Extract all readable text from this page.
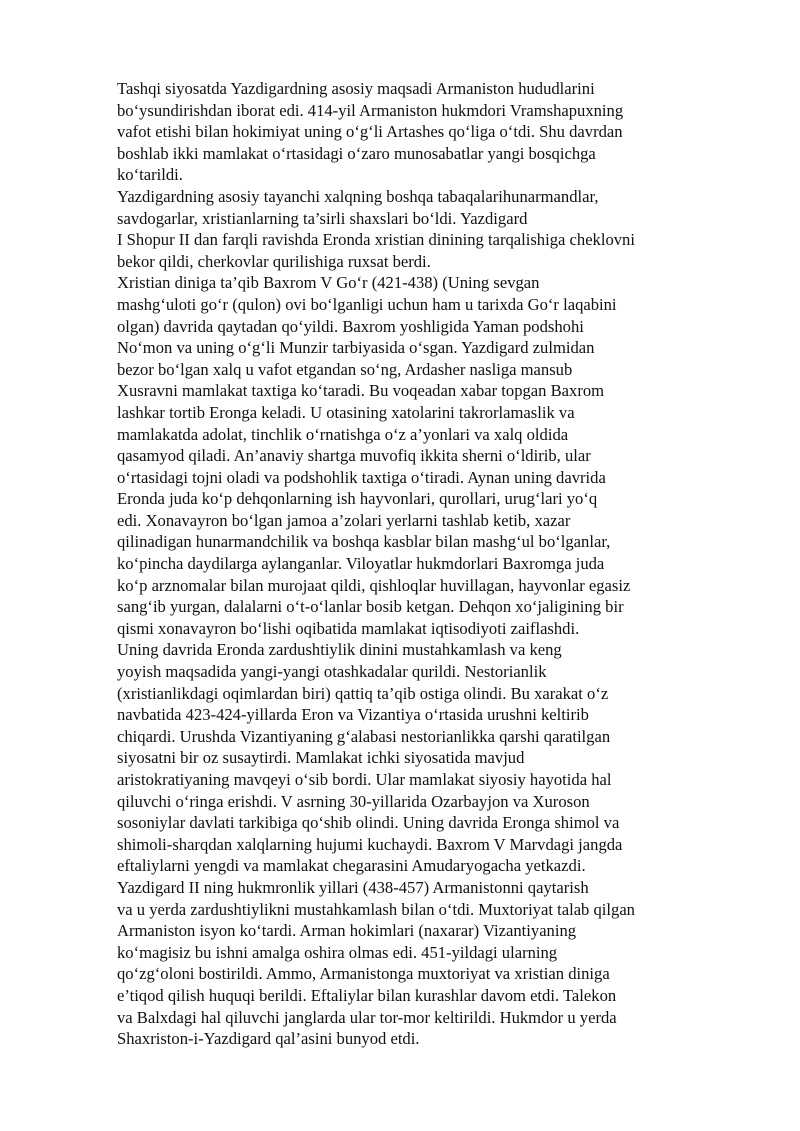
Tashqi siyosatda Yazdigardning asosiy maqsadi Armaniston hududlarini
bo‘ysundirishdan iborat edi. 414-yil Armaniston hukmdori Vramshapuxning
vafot etishi bilan hokimiyat uning o‘g‘li Artashes qo‘liga o‘tdi. Shu davrdan
boshlab ikki mamlakat o‘rtasidagi o‘zaro munosabatlar yangi bosqichga
ko‘tarildi.
Yazdigardning asosiy tayanchi xalqning boshqa tabaqalarihunarmandlar,
savdogarlar, xristianlarning ta’sirli shaxslari bo‘ldi. Yazdigard
I Shopur II dan farqli ravishda Eronda xristian dinining tarqalishiga cheklovni
bekor qildi, cherkovlar qurilishiga ruxsat berdi.
Xristian diniga ta’qib Baxrom V Go‘r (421-438) (Uning sevgan
mashg‘uloti go‘r (qulon) ovi bo‘lganligi uchun ham u tarixda Go‘r laqabini
olgan) davrida qaytadan qo‘yildi. Baxrom yoshligida Yaman podshohi
No‘mon va uning o‘g‘li Munzir tarbiyasida o‘sgan. Yazdigard zulmidan
bezor bo‘lgan xalq u vafot etgandan so‘ng, Ardasher nasliga mansub
Xusravni mamlakat taxtiga ko‘taradi. Bu voqeadan xabar topgan Baxrom
lashkar tortib Eronga keladi. U otasining xatolarini takrorlamaslik va
mamlakatda adolat, tinchlik o‘rnatishga o‘z a’yonlari va xalq oldida
qasamyod qiladi. An’anaviy shartga muvofiq ikkita sherni o‘ldirib, ular
o‘rtasidagi tojni oladi va podshohlik taxtiga o‘tiradi. Aynan uning davrida
Eronda juda ko‘p dehqonlarning ish hayvonlari, qurollari, urug‘lari yo‘q
edi. Xonavayron bo‘lgan jamoa a’zolari yerlarni tashlab ketib, xazar
qilinadigan hunarmandchilik va boshqa kasblar bilan mashg‘ul bo‘lganlar,
ko‘pincha daydilarga aylanganlar. Viloyatlar hukmdorlari Baxromga juda
ko‘p arznomalar bilan murojaat qildi, qishloqlar huvillagan, hayvonlar egasiz
sang‘ib yurgan, dalalarni o‘t-o‘lanlar bosib ketgan. Dehqon xo‘jaligining bir
qismi xonavayron bo‘lishi oqibatida mamlakat iqtisodiyoti zaiflashdi.
Uning davrida Eronda zardushtiylik dinini mustahkamlash va keng
yoyish maqsadida yangi-yangi otashkadalar qurildi. Nestorianlik
(xristianlikdagi oqimlardan biri) qattiq ta’qib ostiga olindi. Bu xarakat o‘z
navbatida 423-424-yillarda Eron va Vizantiya o‘rtasida urushni keltirib
chiqardi. Urushda Vizantiyaning g‘alabasi nestorianlikka qarshi qaratilgan
siyosatni bir oz susaytirdi. Mamlakat ichki siyosatida mavjud
aristokratiyaning mavqeyi o‘sib bordi. Ular mamlakat siyosiy hayotida hal
qiluvchi o‘ringa erishdi. V asrning 30-yillarida Ozarbayjon va Xuroson
sosoniylar davlati tarkibiga qo‘shib olindi. Uning davrida Eronga shimol va
shimoli-sharqdan xalqlarning hujumi kuchaydi. Baxrom V Marvdagi jangda
eftaliylarni yengdi va mamlakat chegarasini Amudaryogacha yetkazdi.
Yazdigard II ning hukmronlik yillari (438-457) Armanistonni qaytarish
va u yerda zardushtiylikni mustahkamlash bilan o‘tdi. Muxtoriyat talab qilgan
Armaniston isyon ko‘tardi. Arman hokimlari (naxarar) Vizantiyaning
ko‘magisiz bu ishni amalga oshira olmas edi. 451-yildagi ularning
qo‘zg‘oloni bostirildi. Ammo, Armanistonga muxtoriyat va xristian diniga
e’tiqod qilish huquqi berildi. Eftaliylar bilan kurashlar davom etdi. Talekon
va Balxdagi hal qiluvchi janglarda ular tor-mor keltirildi. Hukmdor u yerda
Shaxriston-i-Yazdigard qal’asini bunyod etdi.
